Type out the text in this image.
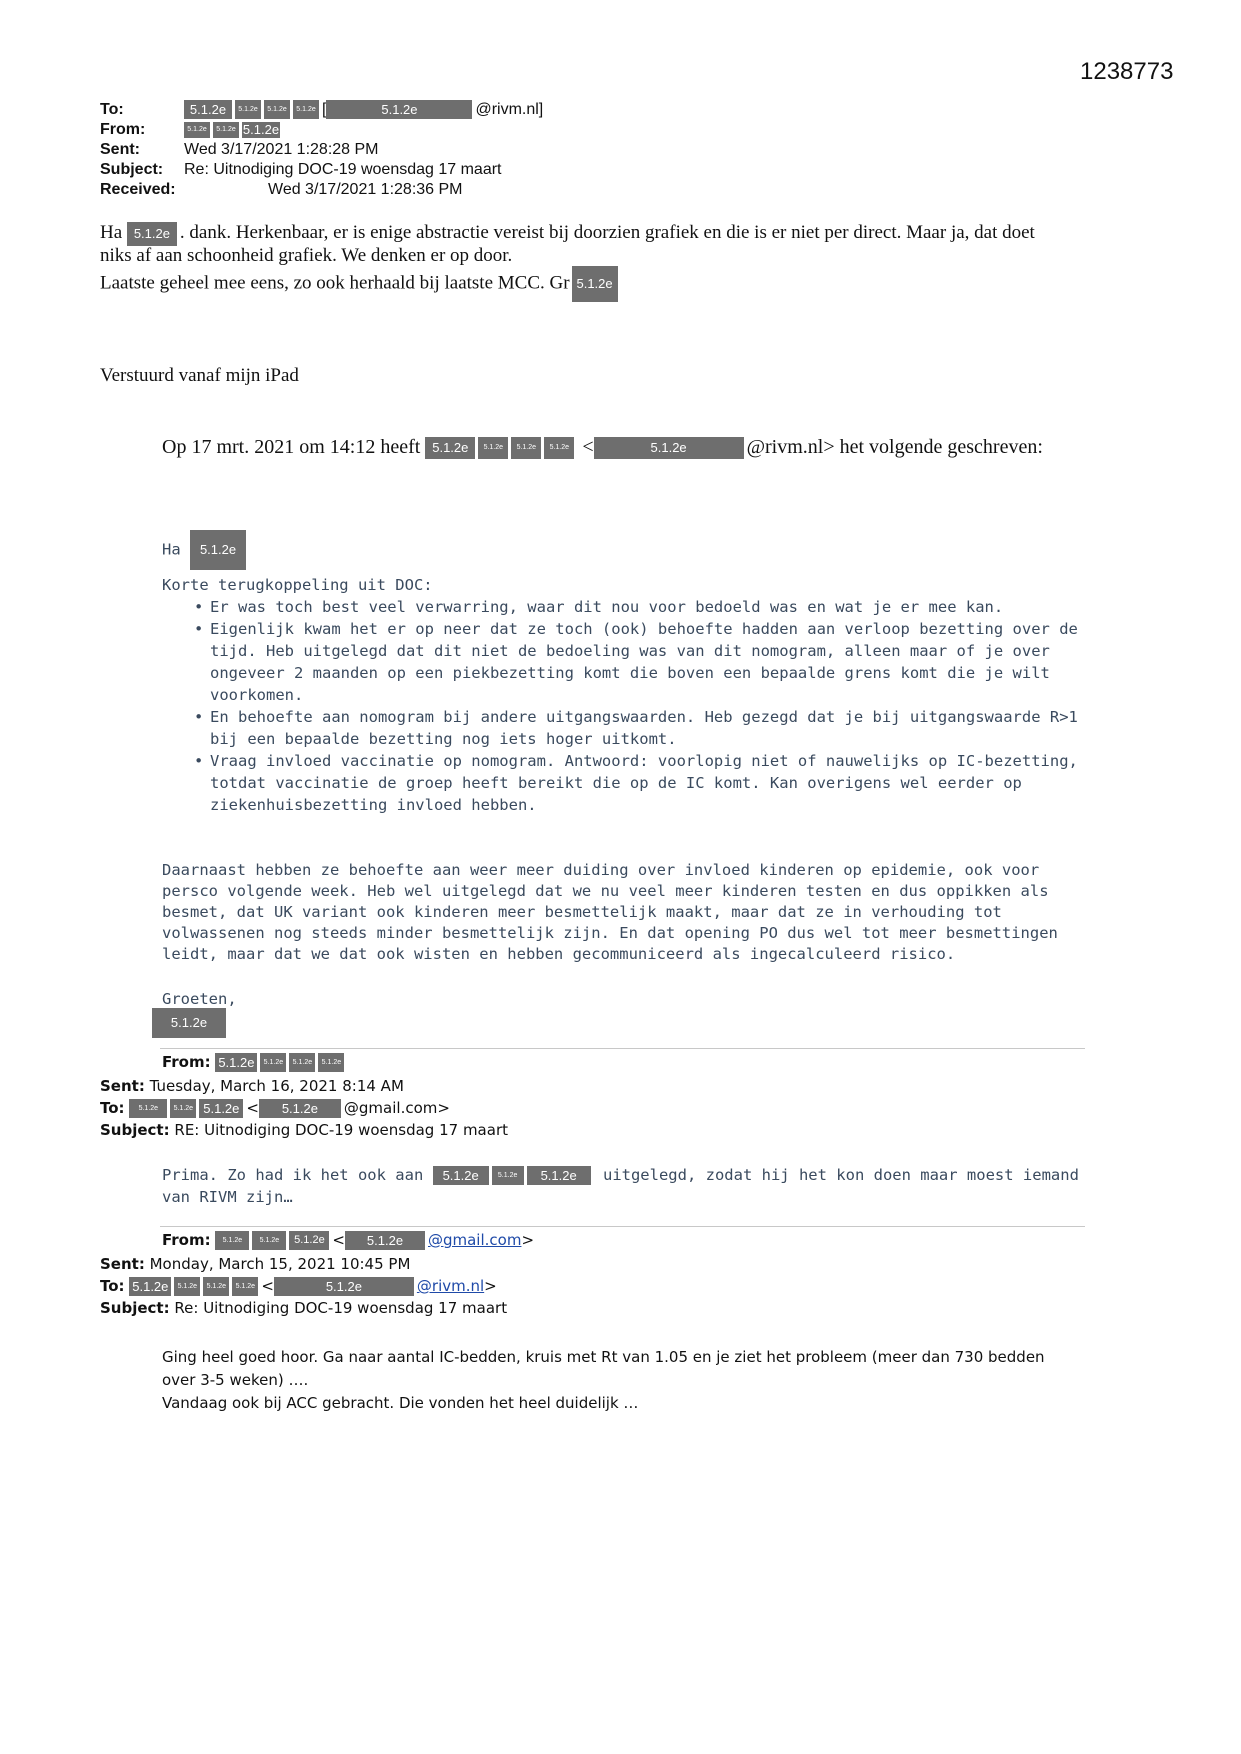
1238773
To:	5.1.2e 5.1.2e 5.1.2e 5.1.2e [	5.1.2e	@rivm.nl]
From:	5.1.2e 5.1.2e 5.1.2e
Sent:	Wed 3/17/2021 1:28:28 PM
Subject: Re: Uitnodiging DOC-19 woensdag 17 maart
Received:	Wed 3/17/2021 1:28:36 PM
Ha 5.1.2e . dank. Herkenbaar, er is enige abstractie vereist bij doorzien grafiek en die is er niet per direct. Maar ja, dat doet
niks af aan schoonheid grafiek. We denken er op door.
Laatste geheel mee eens, zo ook herhaald bij laatste MCC. Gr 5.1.2e
Verstuurd vanaf mijn iPad
Op 17 mrt. 2021 om 14:12 heeft 5.1.2e 5.1.2e 5.1.2e 5.1.2e <	5.1.2e	@rivm.nl> het volgende geschreven:
Ha 5.1.2e
Korte terugkoppeling uit DOC:
• Er was toch best veel verwarring, waar dit nou voor bedoeld was en wat je er mee kan.
• Eigenlijk kwam het er op neer dat ze toch (ook) behoefte hadden aan verloop bezetting over de tijd. Heb uitgelegd dat dit niet de bedoeling was van dit nomogram, alleen maar of je over ongeveer 2 maanden op een piekbezetting komt die boven een bepaalde grens komt die je wilt voorkomen.
• En behoefte aan nomogram bij andere uitgangswaarden. Heb gezegd dat je bij uitgangswaarde R>1 bij een bepaalde bezetting nog iets hoger uitkomt.
• Vraag invloed vaccinatie op nomogram. Antwoord: voorlopig niet of nauwelijks op IC-bezetting, totdat vaccinatie de groep heeft bereikt die op de IC komt. Kan overigens wel eerder op ziekenhuisbezetting invloed hebben.
Daarnaast hebben ze behoefte aan weer meer duiding over invloed kinderen op epidemie, ook voor persco volgende week. Heb wel uitgelegd dat we nu veel meer kinderen testen en dus oppikken als besmet, dat UK variant ook kinderen meer besmettelijk maakt, maar dat ze in verhouding tot volwassenen nog steeds minder besmettelijk zijn. En dat opening PO dus wel tot meer besmettingen leidt, maar dat we dat ook wisten en hebben gecommuniceerd als ingecalculeerd risico.
Groeten,
5.1.2e
From: 5.1.2e 5.1.2e 5.1.2e 5.1.2e
Sent: Tuesday, March 16, 2021 8:14 AM
To: 5.1.2e 5.1.2e 5.1.2e < 5.1.2e @gmail.com>
Subject: RE: Uitnodiging DOC-19 woensdag 17 maart
Prima. Zo had ik het ook aan 5.1.2e	5.1.2e 5.1.2e uitgelegd, zodat hij het kon doen maar moest iemand
van RIVM zijn…
From: 5.1.2e	5.1.2e 5.1.2e < 5.1.2e @gmail.com>
Sent: Monday, March 15, 2021 10:45 PM
To: 5.1.2e 5.1.2e 5.1.2e 5.1.2e <	5.1.2e	@rivm.nl>
Subject: Re: Uitnodiging DOC-19 woensdag 17 maart
Ging heel goed hoor. Ga naar aantal IC-bedden, kruis met Rt van 1.05 en je ziet het probleem (meer dan 730 bedden
over 3-5 weken) ….
Vandaag ook bij ACC gebracht. Die vonden het heel duidelijk …
